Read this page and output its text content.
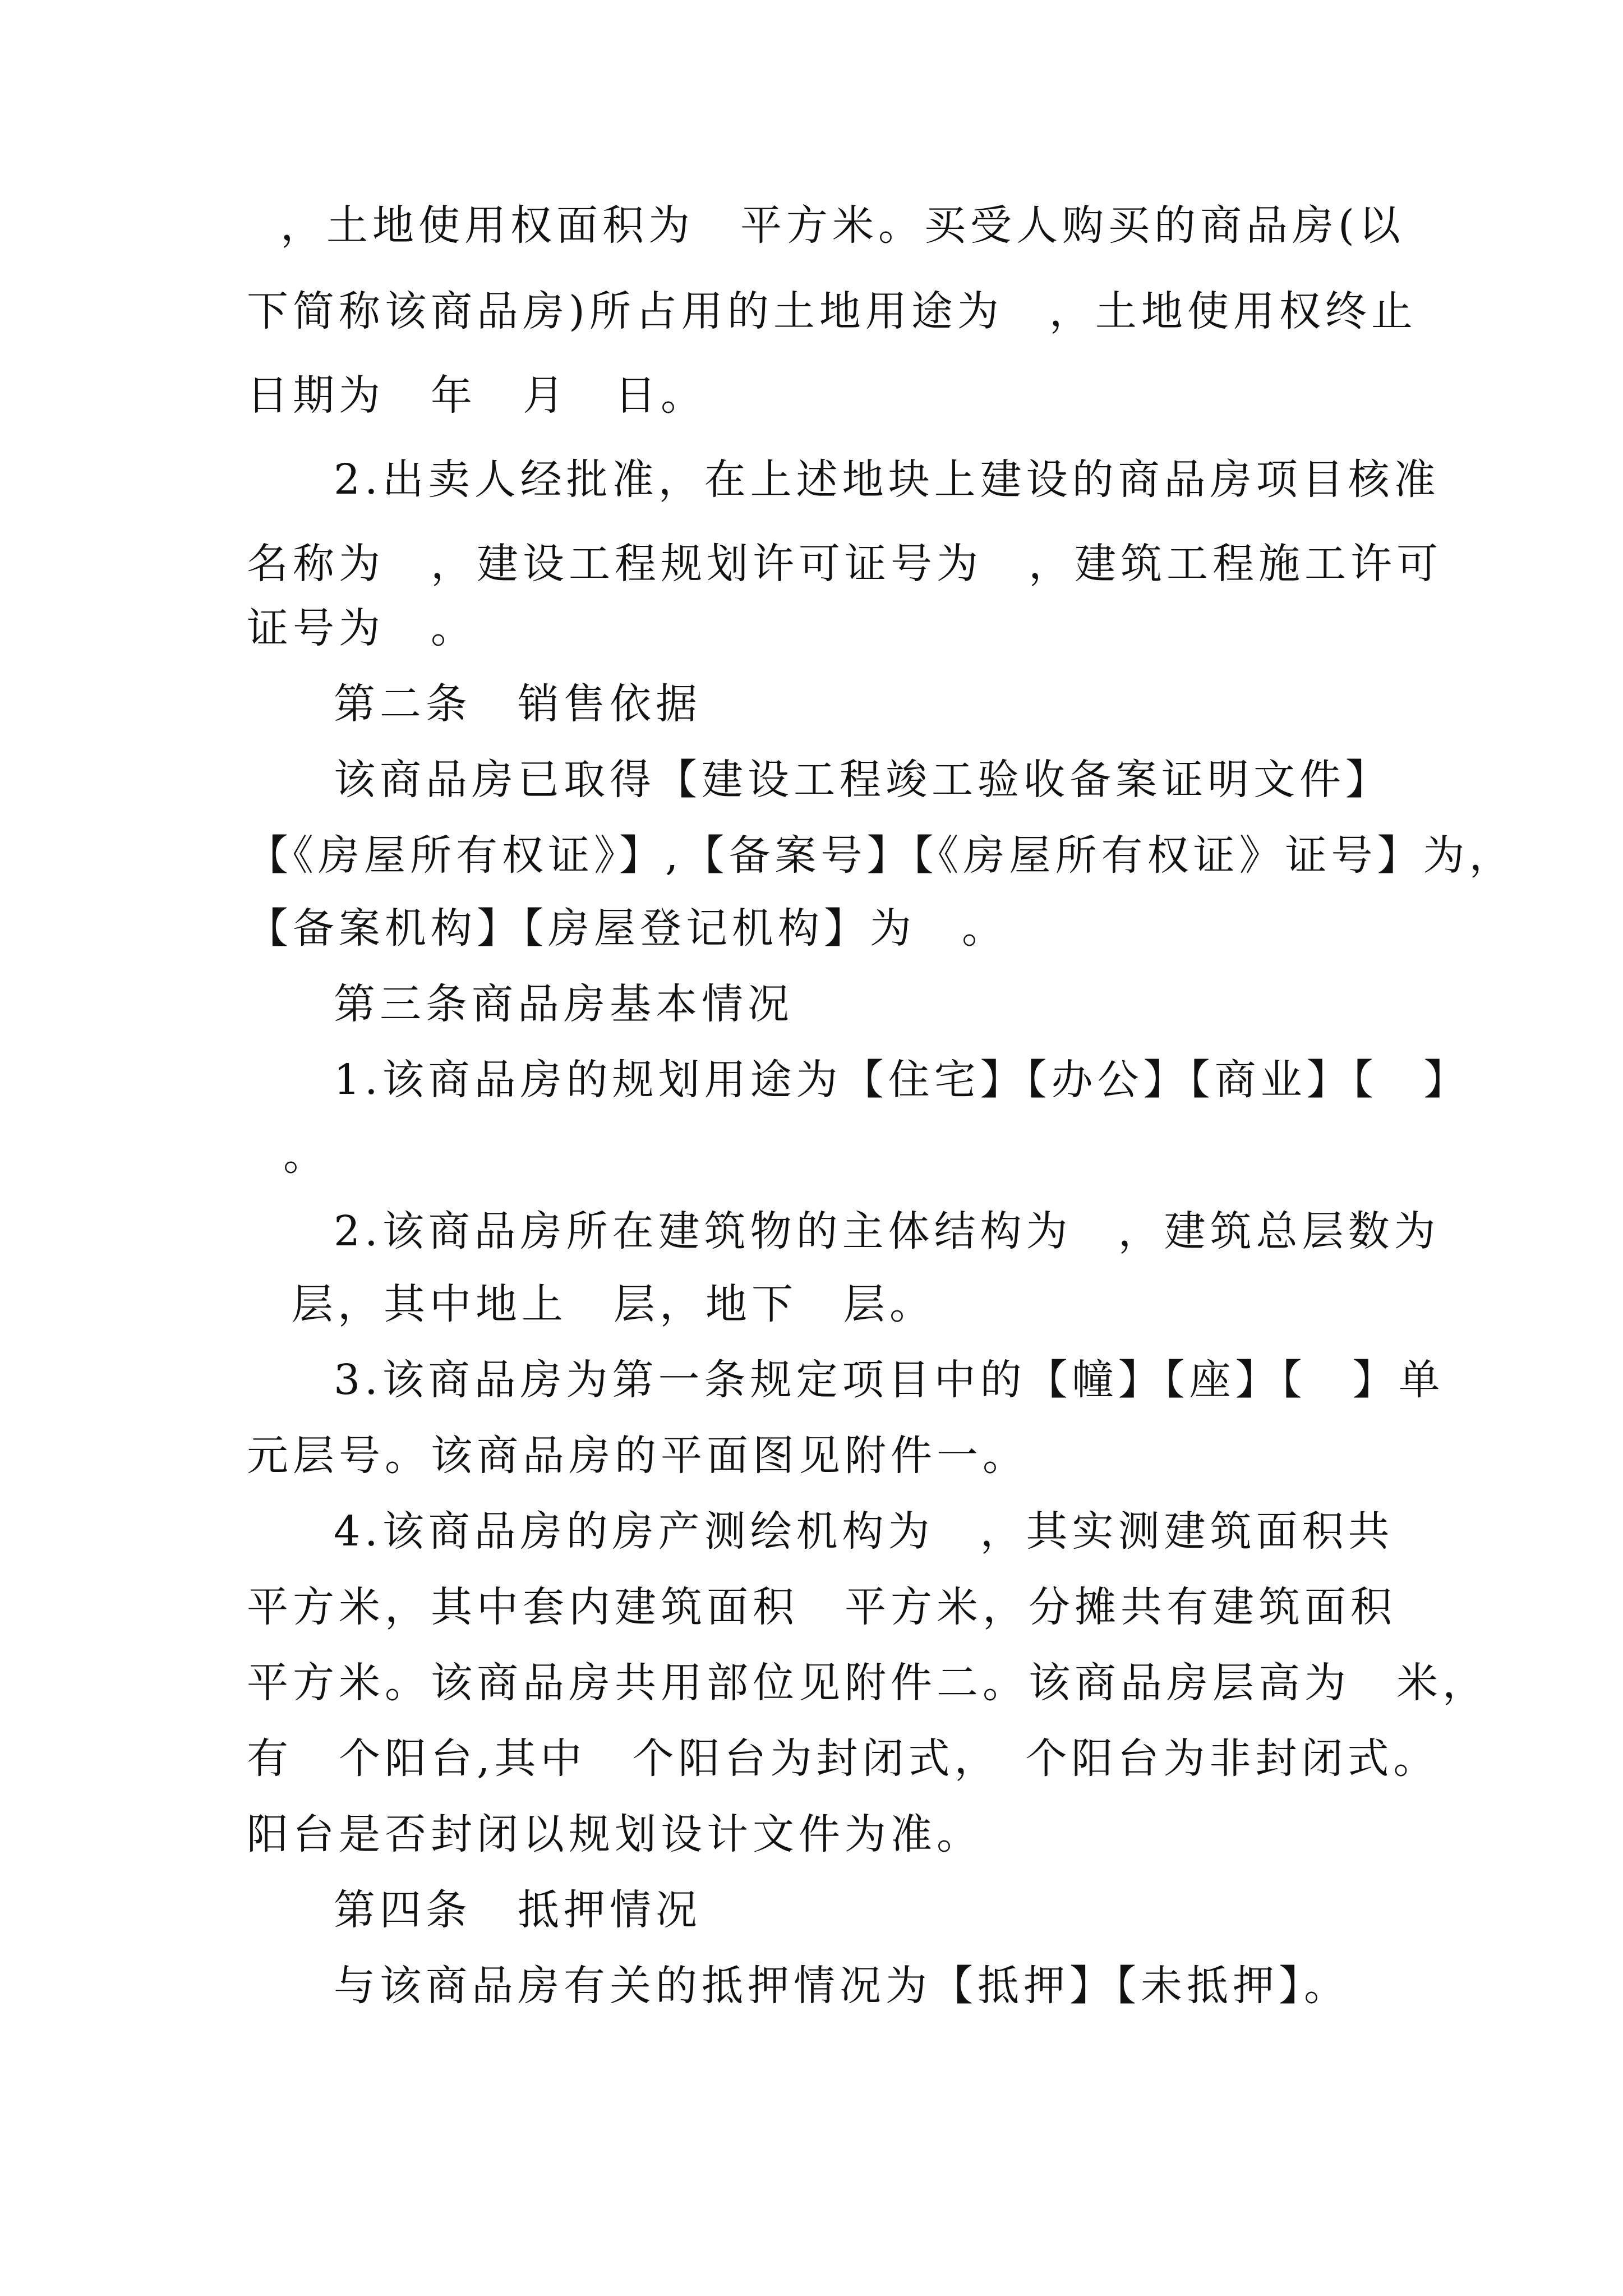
，土地使用权面积为　平方米。买受人购买的商品房(以
下简称该商品房)所占用的土地用途为　，土地使用权终止
日期为　年　月　日。
2.出卖人经批准，在上述地块上建设的商品房项目核准
名称为　，建设工程规划许可证号为　，建筑工程施工许可
证号为　。
第二条　销售依据
该商品房已取得【建设工程竣工验收备案证明文件】
【《房屋所有权证》】,【备案号】【《房屋所有权证》证号】为，
【备案机构】【房屋登记机构】为　。
第三条商品房基本情况
1.该商品房的规划用途为【住宅】【办公】【商业】【　】
。
2.该商品房所在建筑物的主体结构为　，建筑总层数为
层，其中地上　层，地下　层。
3.该商品房为第一条规定项目中的【幢】【座】【　】单
元层号。该商品房的平面图见附件一。
4.该商品房的房产测绘机构为　，其实测建筑面积共
平方米，其中套内建筑面积　平方米，分摊共有建筑面积
平方米。该商品房共用部位见附件二。该商品房层高为　米，
有　个阳台,其中　个阳台为封闭式，　个阳台为非封闭式。
阳台是否封闭以规划设计文件为准。
第四条　抵押情况
与该商品房有关的抵押情况为【抵押】【未抵押】。
